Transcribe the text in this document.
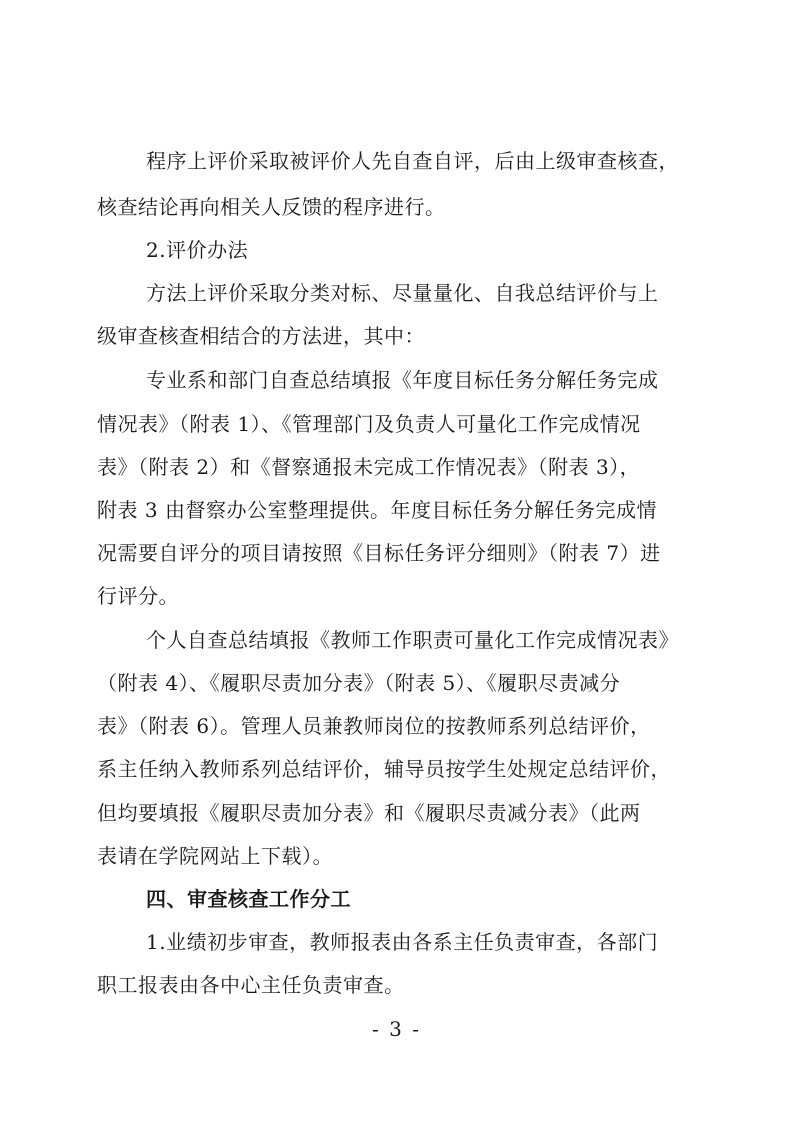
程序上评价采取被评价人先自查自评，后由上级审查核查，
核查结论再向相关人反馈的程序进行。
2.评价办法
方法上评价采取分类对标、尽量量化、自我总结评价与上
级审查核查相结合的方法进，其中：
专业系和部门自查总结填报《年度目标任务分解任务完成
情况表》（附表 1）、《管理部门及负责人可量化工作完成情况
表》（附表 2）和《督察通报未完成工作情况表》（附表 3），
附表 3 由督察办公室整理提供。年度目标任务分解任务完成情
况需要自评分的项目请按照《目标任务评分细则》（附表 7）进
行评分。
个人自查总结填报《教师工作职责可量化工作完成情况表》
（附表 4）、《履职尽责加分表》（附表 5）、《履职尽责减分
表》（附表 6）。管理人员兼教师岗位的按教师系列总结评价，
系主任纳入教师系列总结评价，辅导员按学生处规定总结评价，
但均要填报《履职尽责加分表》和《履职尽责减分表》（此两
表请在学院网站上下载）。
四、审查核查工作分工
1.业绩初步审查，教师报表由各系主任负责审查，各部门
职工报表由各中心主任负责审查。
- 3 -
